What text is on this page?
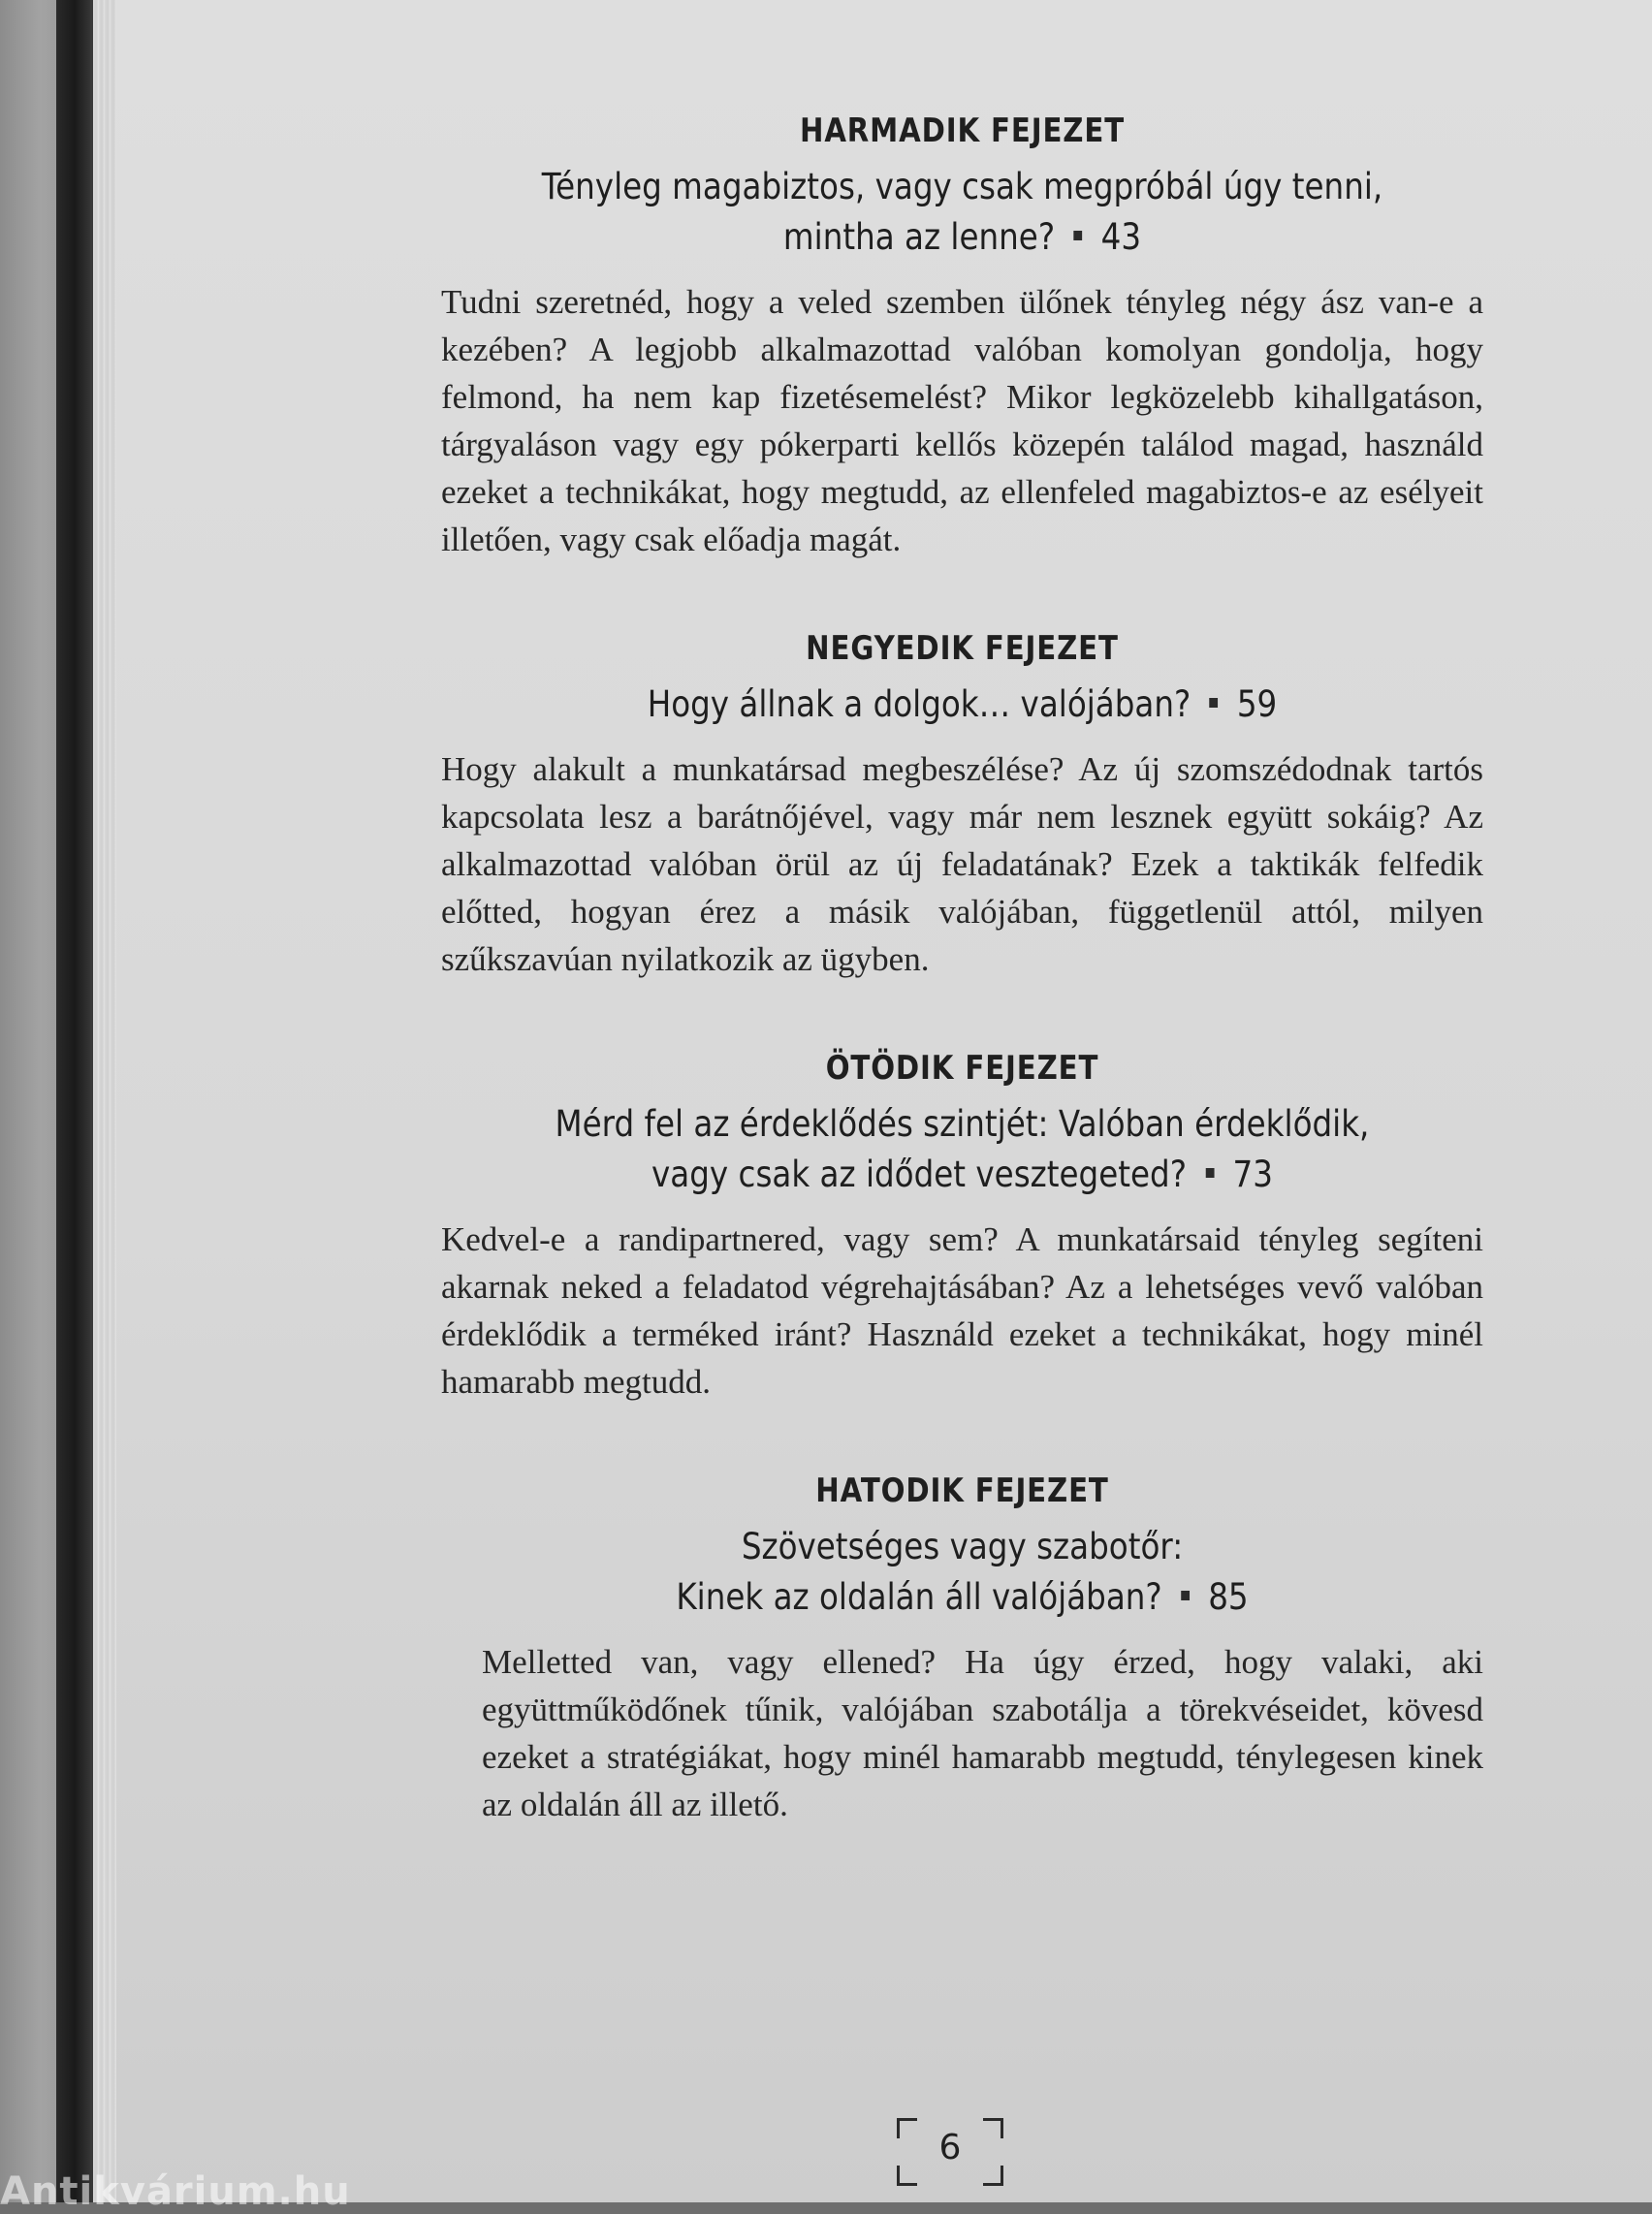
HARMADIK FEJEZET
Tényleg magabiztos, vagy csak megpróbál úgy tenni,
mintha az lenne? 43

Tudni szeretnéd, hogy a veled szemben ülőnek tényleg négy ász van-e a kezében? A legjobb alkalmazottad valóban komolyan gondolja, hogy felmond, ha nem kap fizetésemelést? Mikor legközelebb kihallgatáson, tárgyaláson vagy egy pókerparti kellős közepén találod magad, használd ezeket a technikákat, hogy megtudd, az ellenfeled magabiztos-e az esélyeit illetően, vagy csak előadja magát.

NEGYEDIK FEJEZET
Hogy állnak a dolgok… valójában? 59

Hogy alakult a munkatársad megbeszélése? Az új szomszédodnak tartós kapcsolata lesz a barátnőjével, vagy már nem lesznek együtt sokáig? Az alkalmazottad valóban örül az új feladatának? Ezek a taktikák felfedik előtted, hogyan érez a másik valójában, függetlenül attól, milyen szűkszavúan nyilatkozik az ügyben.

ÖTÖDIK FEJEZET
Mérd fel az érdeklődés szintjét: Valóban érdeklődik,
vagy csak az idődet vesztegeted? 73

Kedvel-e a randipartnered, vagy sem? A munkatársaid tényleg segíteni akarnak neked a feladatod végrehajtásában? Az a lehetséges vevő valóban érdeklődik a terméked iránt? Használd ezeket a technikákat, hogy minél hamarabb megtudd.

HATODIK FEJEZET
Szövetséges vagy szabotőr:
Kinek az oldalán áll valójában? 85

Melletted van, vagy ellened? Ha úgy érzed, hogy valaki, aki együttműködőnek tűnik, valójában szabotálja a törekvéseidet, kövesd ezeket a stratégiákat, hogy minél hamarabb megtudd, ténylegesen kinek az oldalán áll az illető.

6
Antikvárium.hu
